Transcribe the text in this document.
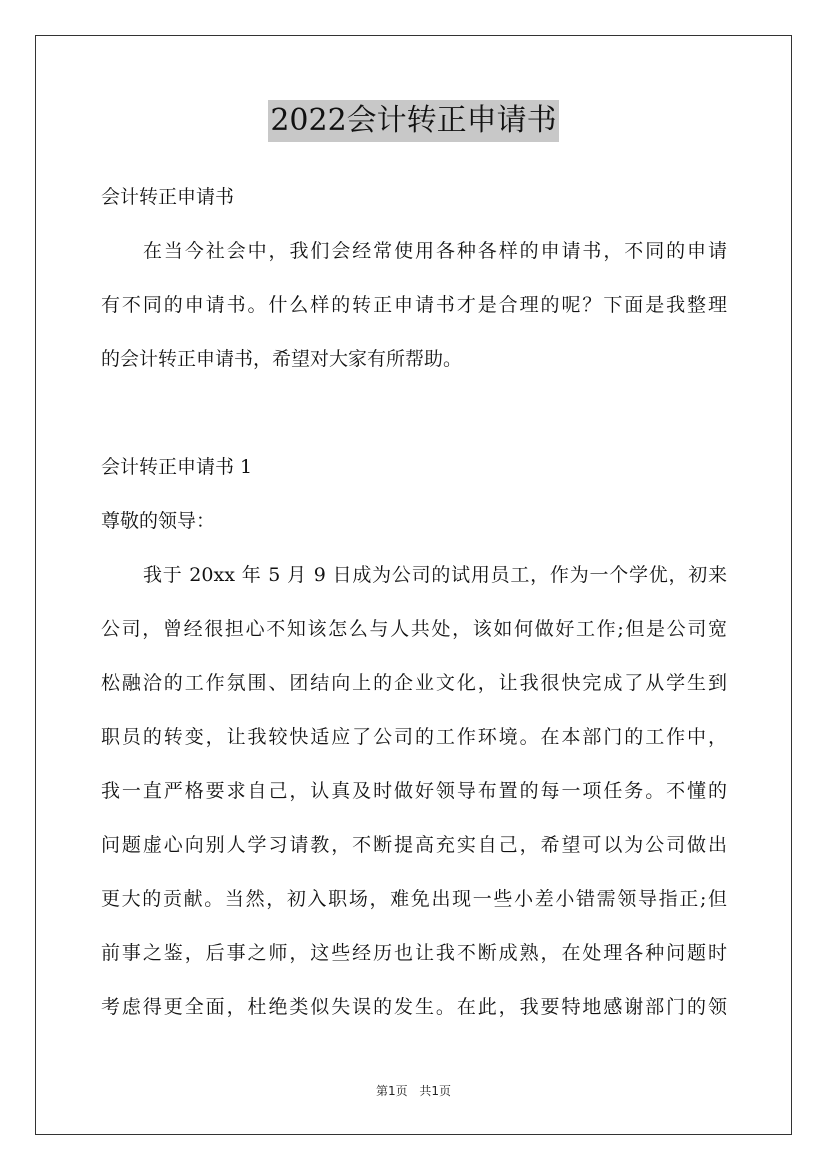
2022会计转正申请书
会计转正申请书
在当今社会中，我们会经常使用各种各样的申请书，不同的申请
有不同的申请书。什么样的转正申请书才是合理的呢？下面是我整理
的会计转正申请书，希望对大家有所帮助。
会计转正申请书 1
尊敬的领导：
我于 20xx 年 5 月 9 日成为公司的试用员工，作为一个学优，初来
公司，曾经很担心不知该怎么与人共处，该如何做好工作;但是公司宽
松融洽的工作氛围、团结向上的企业文化，让我很快完成了从学生到
职员的转变，让我较快适应了公司的工作环境。在本部门的工作中，
我一直严格要求自己，认真及时做好领导布置的每一项任务。不懂的
问题虚心向别人学习请教，不断提高充实自己，希望可以为公司做出
更大的贡献。当然，初入职场，难免出现一些小差小错需领导指正;但
前事之鉴，后事之师，这些经历也让我不断成熟，在处理各种问题时
考虑得更全面，杜绝类似失误的发生。在此，我要特地感谢部门的领
第1页 共1页
